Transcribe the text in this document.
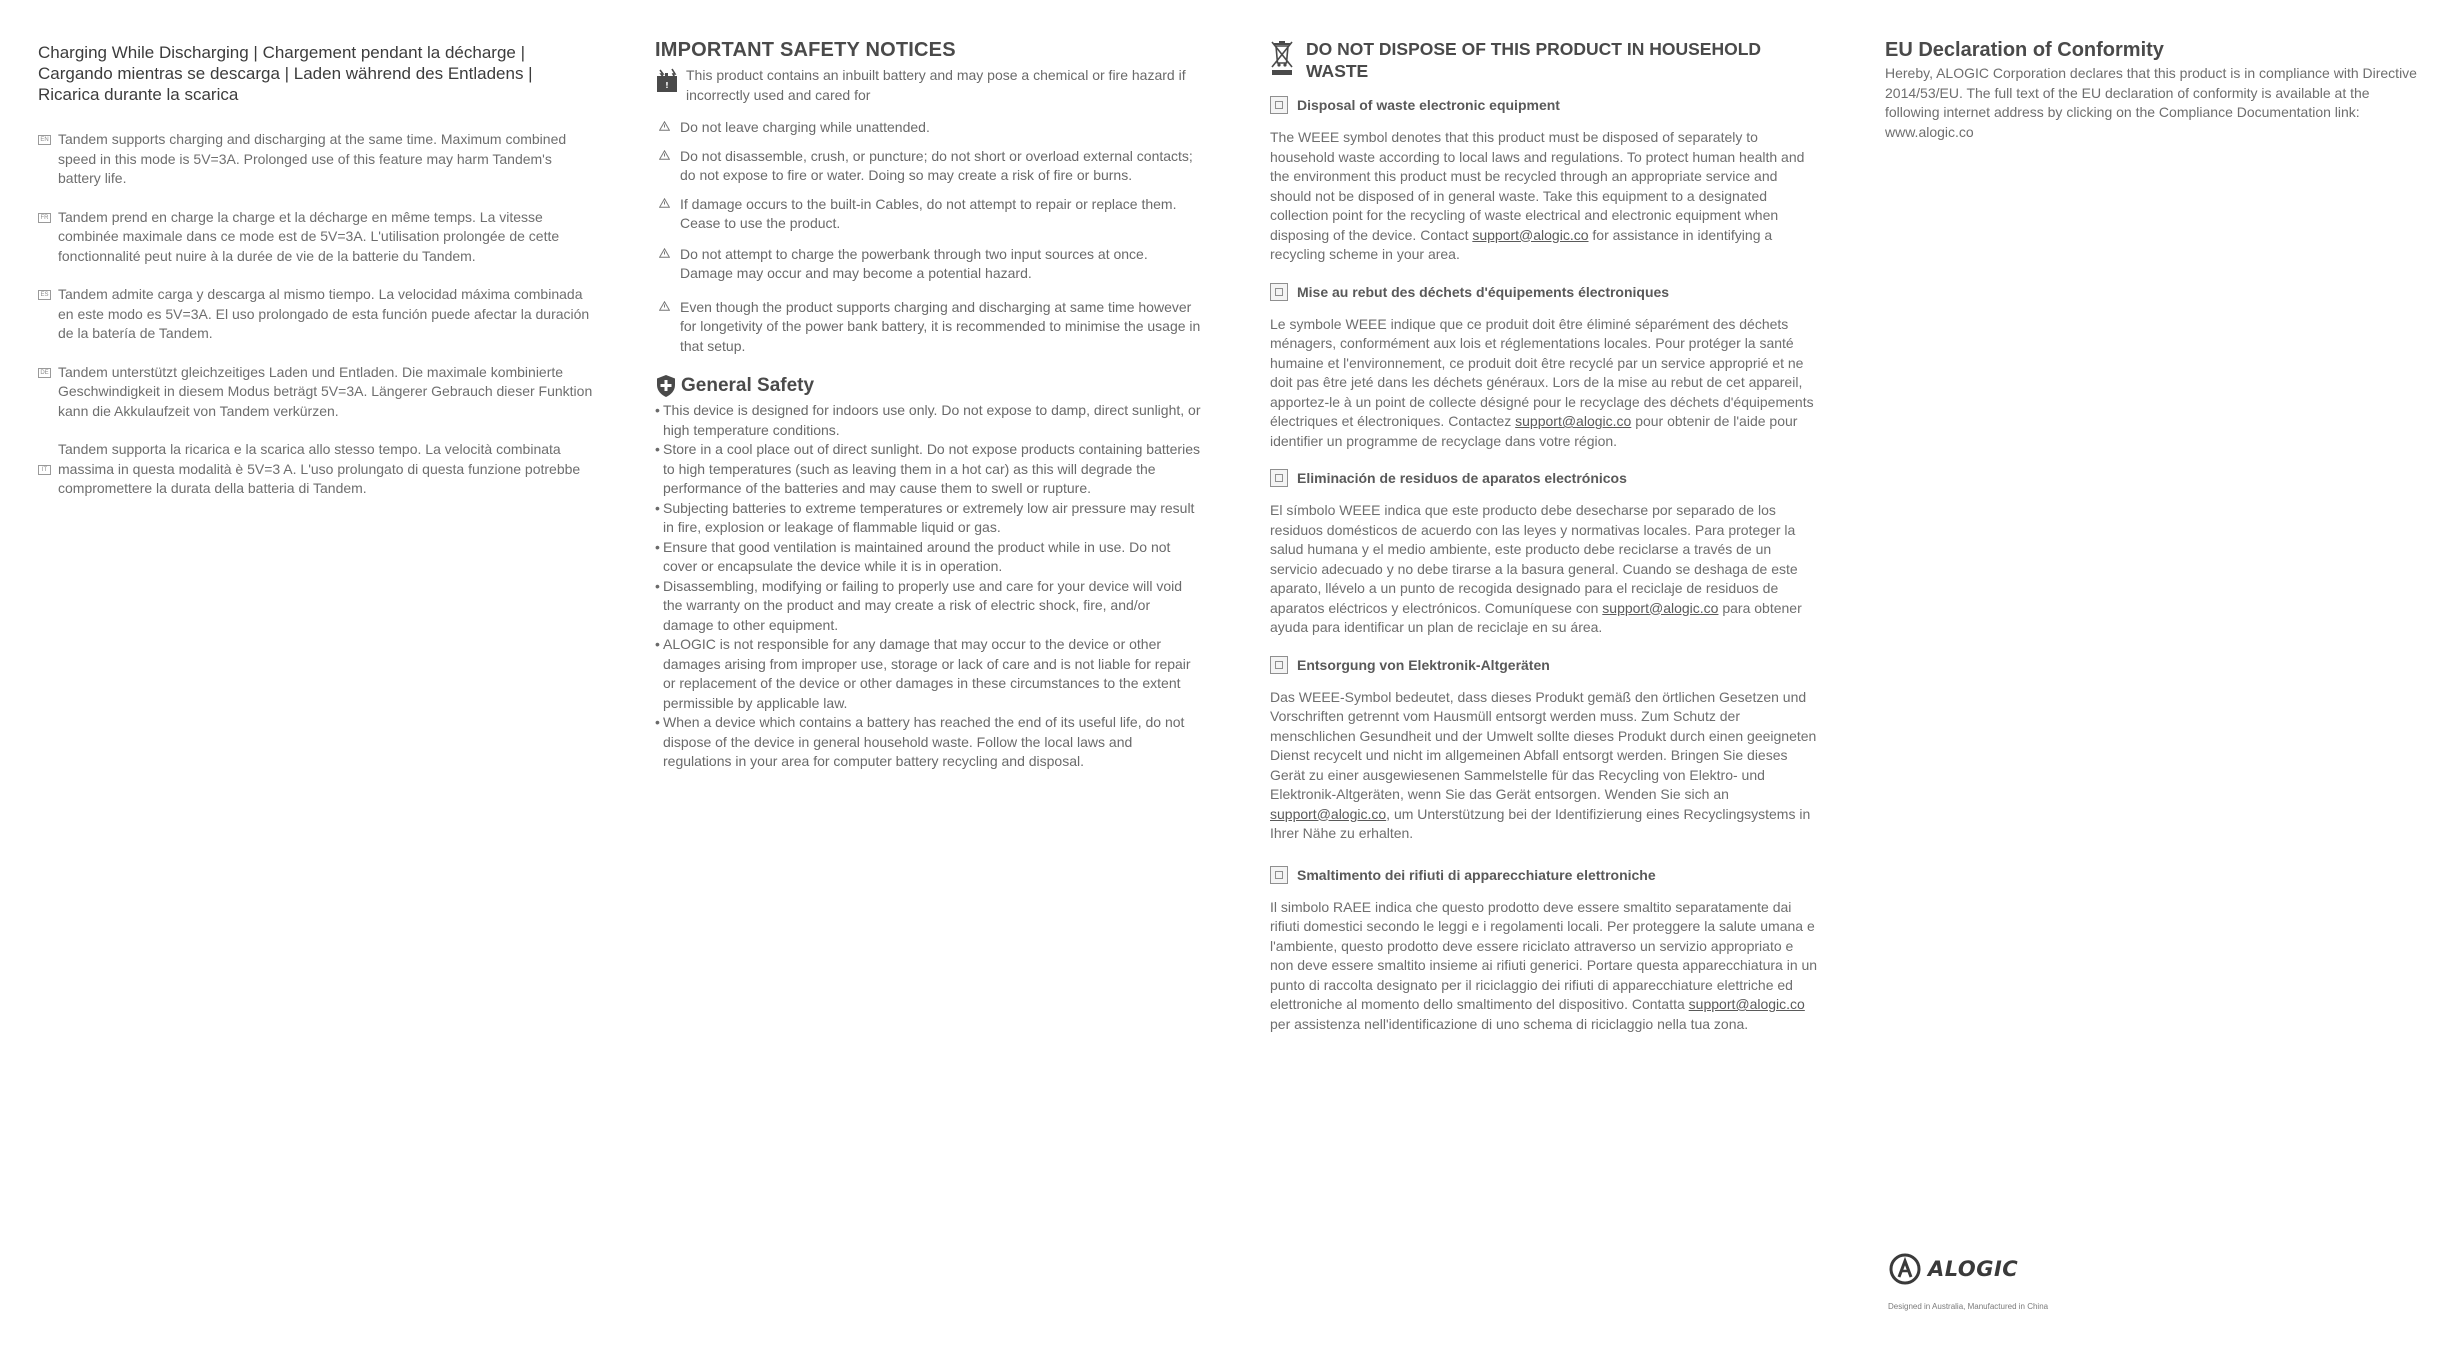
Charging While Discharging | Chargement pendant la décharge | Cargando mientras se descarga | Laden während des Entladens | Ricarica durante la scarica
EN Tandem supports charging and discharging at the same time. Maximum combined speed in this mode is 5V=3A. Prolonged use of this feature may harm Tandem's battery life.
FR Tandem prend en charge la charge et la décharge en même temps. La vitesse combinée maximale dans ce mode est de 5V=3A. L'utilisation prolongée de cette fonctionnalité peut nuire à la durée de vie de la batterie du Tandem.
ES Tandem admite carga y descarga al mismo tiempo. La velocidad máxima combinada en este modo es 5V=3A. El uso prolongado de esta función puede afectar la duración de la batería de Tandem.
DE Tandem unterstützt gleichzeitiges Laden und Entladen. Die maximale kombinierte Geschwindigkeit in diesem Modus beträgt 5V=3A. Längerer Gebrauch dieser Funktion kann die Akkulaufzeit von Tandem verkürzen.
IT
Tandem supporta la ricarica e la scarica allo stesso tempo. La velocità combinata massima in questa modalità è 5V=3 A. L'uso prolungato di questa funzione potrebbe compromettere la durata della batteria di Tandem.
IMPORTANT SAFETY NOTICES
!
This product contains an inbuilt battery and may pose a chemical or fire hazard if incorrectly used and cared for
Do not leave charging while unattended.
Do not disassemble, crush, or puncture; do not short or overload external contacts; do not expose to fire or water. Doing so may create a risk of fire or burns.
If damage occurs to the built-in Cables, do not attempt to repair or replace them. Cease to use the product.
Do not attempt to charge the powerbank through two input sources at once. Damage may occur and may become a potential hazard.
Even though the product supports charging and discharging at same time however for longetivity of the power bank battery, it is recommended to minimise the usage in that setup.
General Safety
• This device is designed for indoors use only. Do not expose to damp, direct sunlight, or high temperature conditions.
• Store in a cool place out of direct sunlight. Do not expose products containing batteries to high temperatures (such as leaving them in a hot car) as this will degrade the performance of the batteries and may cause them to swell or rupture.
• Subjecting batteries to extreme temperatures or extremely low air pressure may result in fire, explosion or leakage of flammable liquid or gas.
• Ensure that good ventilation is maintained around the product while in use. Do not cover or encapsulate the device while it is in operation.
• Disassembling, modifying or failing to properly use and care for your device will void the warranty on the product and may create a risk of electric shock, fire, and/or damage to other equipment.
• ALOGIC is not responsible for any damage that may occur to the device or other damages arising from improper use, storage or lack of care and is not liable for repair or replacement of the device or other damages in these circumstances to the extent permissible by applicable law.
• When a device which contains a battery has reached the end of its useful life, do not dispose of the device in general household waste. Follow the local laws and regulations in your area for computer battery recycling and disposal.
DO NOT DISPOSE OF THIS PRODUCT IN HOUSEHOLD WASTE
Disposal of waste electronic equipment
The WEEE symbol denotes that this product must be disposed of separately to household waste according to local laws and regulations. To protect human health and the environment this product must be recycled through an appropriate service and should not be disposed of in general waste. Take this equipment to a designated collection point for the recycling of waste electrical and electronic equipment when disposing of the device. Contact support@alogic.co for assistance in identifying a recycling scheme in your area.
Mise au rebut des déchets d'équipements électroniques
Le symbole WEEE indique que ce produit doit être éliminé séparément des déchets ménagers, conformément aux lois et réglementations locales. Pour protéger la santé humaine et l'environnement, ce produit doit être recyclé par un service approprié et ne doit pas être jeté dans les déchets généraux. Lors de la mise au rebut de cet appareil, apportez-le à un point de collecte désigné pour le recyclage des déchets d'équipements électriques et électroniques. Contactez support@alogic.co pour obtenir de l'aide pour identifier un programme de recyclage dans votre région.
Eliminación de residuos de aparatos electrónicos
El símbolo WEEE indica que este producto debe desecharse por separado de los residuos domésticos de acuerdo con las leyes y normativas locales. Para proteger la salud humana y el medio ambiente, este producto debe reciclarse a través de un servicio adecuado y no debe tirarse a la basura general. Cuando se deshaga de este aparato, llévelo a un punto de recogida designado para el reciclaje de residuos de aparatos eléctricos y electrónicos. Comuníquese con support@alogic.co para obtener ayuda para identificar un plan de reciclaje en su área.
Entsorgung von Elektronik-Altgeräten
Das WEEE-Symbol bedeutet, dass dieses Produkt gemäß den örtlichen Gesetzen und Vorschriften getrennt vom Hausmüll entsorgt werden muss. Zum Schutz der menschlichen Gesundheit und der Umwelt sollte dieses Produkt durch einen geeigneten Dienst recycelt und nicht im allgemeinen Abfall entsorgt werden. Bringen Sie dieses Gerät zu einer ausgewiesenen Sammelstelle für das Recycling von Elektro- und Elektronik-Altgeräten, wenn Sie das Gerät entsorgen. Wenden Sie sich an support@alogic.co, um Unterstützung bei der Identifizierung eines Recyclingsystems in Ihrer Nähe zu erhalten.
Smaltimento dei rifiuti di apparecchiature elettroniche
Il simbolo RAEE indica che questo prodotto deve essere smaltito separatamente dai rifiuti domestici secondo le leggi e i regolamenti locali. Per proteggere la salute umana e l'ambiente, questo prodotto deve essere riciclato attraverso un servizio appropriato e non deve essere smaltito insieme ai rifiuti generici. Portare questa apparecchiatura in un punto di raccolta designato per il riciclaggio dei rifiuti di apparecchiature elettriche ed elettroniche al momento dello smaltimento del dispositivo. Contatta support@alogic.co per assistenza nell'identificazione di uno schema di riciclaggio nella tua zona.
EU Declaration of Conformity
Hereby, ALOGIC Corporation declares that this product is in compliance with Directive 2014/53/EU. The full text of the EU declaration of conformity is available at the following internet address by clicking on the Compliance Documentation link: www.alogic.co
ALOGIC
Designed in Australia, Manufactured in China
